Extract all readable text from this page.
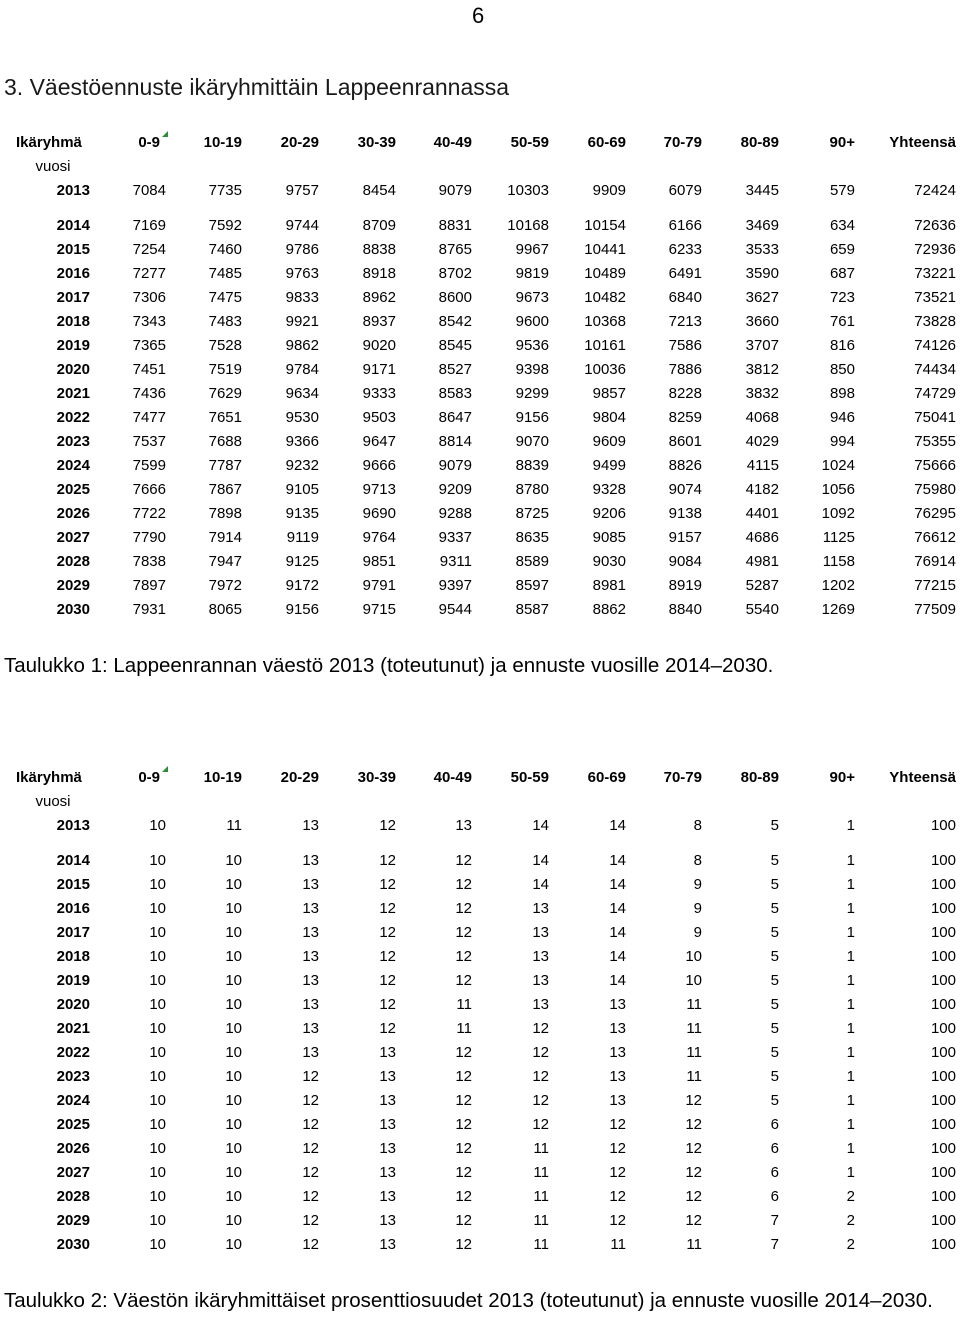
6
3. Väestöennuste ikäryhmittäin Lappeenrannassa
Ikäryhmä	0-9	10-19	20-29	30-39	40-49	50-59	60-69	70-79	80-89	90+	Yhteensä
vuosi											
2013	7084	7735	9757	8454	9079	10303	9909	6079	3445	579	72424

2014	7169	7592	9744	8709	8831	10168	10154	6166	3469	634	72636
2015	7254	7460	9786	8838	8765	9967	10441	6233	3533	659	72936
2016	7277	7485	9763	8918	8702	9819	10489	6491	3590	687	73221
2017	7306	7475	9833	8962	8600	9673	10482	6840	3627	723	73521
2018	7343	7483	9921	8937	8542	9600	10368	7213	3660	761	73828
2019	7365	7528	9862	9020	8545	9536	10161	7586	3707	816	74126
2020	7451	7519	9784	9171	8527	9398	10036	7886	3812	850	74434
2021	7436	7629	9634	9333	8583	9299	9857	8228	3832	898	74729
2022	7477	7651	9530	9503	8647	9156	9804	8259	4068	946	75041
2023	7537	7688	9366	9647	8814	9070	9609	8601	4029	994	75355
2024	7599	7787	9232	9666	9079	8839	9499	8826	4115	1024	75666
2025	7666	7867	9105	9713	9209	8780	9328	9074	4182	1056	75980
2026	7722	7898	9135	9690	9288	8725	9206	9138	4401	1092	76295
2027	7790	7914	9119	9764	9337	8635	9085	9157	4686	1125	76612
2028	7838	7947	9125	9851	9311	8589	9030	9084	4981	1158	76914
2029	7897	7972	9172	9791	9397	8597	8981	8919	5287	1202	77215
2030	7931	8065	9156	9715	9544	8587	8862	8840	5540	1269	77509

Taulukko 1: Lappeenrannan väestö 2013 (toteutunut) ja ennuste vuosille 2014–2030.

Ikäryhmä	0-9	10-19	20-29	30-39	40-49	50-59	60-69	70-79	80-89	90+	Yhteensä
vuosi											
2013	10	11	13	12	13	14	14	8	5	1	100

2014	10	10	13	12	12	14	14	8	5	1	100
2015	10	10	13	12	12	14	14	9	5	1	100
2016	10	10	13	12	12	13	14	9	5	1	100
2017	10	10	13	12	12	13	14	9	5	1	100
2018	10	10	13	12	12	13	14	10	5	1	100
2019	10	10	13	12	12	13	14	10	5	1	100
2020	10	10	13	12	11	13	13	11	5	1	100
2021	10	10	13	12	11	12	13	11	5	1	100
2022	10	10	13	13	12	12	13	11	5	1	100
2023	10	10	12	13	12	12	13	11	5	1	100
2024	10	10	12	13	12	12	13	12	5	1	100
2025	10	10	12	13	12	12	12	12	6	1	100
2026	10	10	12	13	12	11	12	12	6	1	100
2027	10	10	12	13	12	11	12	12	6	1	100
2028	10	10	12	13	12	11	12	12	6	2	100
2029	10	10	12	13	12	11	12	12	7	2	100
2030	10	10	12	13	12	11	11	11	7	2	100

Taulukko 2: Väestön ikäryhmittäiset prosenttiosuudet 2013 (toteutunut) ja ennuste vuosille 2014–2030.
